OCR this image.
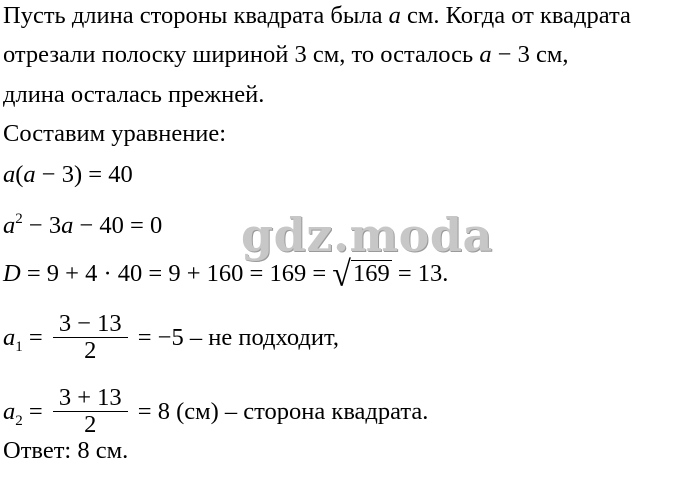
Пусть длина стороны квадрата была a см. Когда от квадрата
отрезали полоску шириной 3 см, то осталось a − 3 см,
длина осталась прежней.
Составим уравнение:
a(a − 3) = 40
$a^2 - 3a - 40 = 0$
D = 9 + 4 · 40 = 9 + 160 = 169 = √169 = 13.
$a_1 = \frac{3 - 13}{2} = -5$ – не подходит,
$a_2 = \frac{3 + 13}{2} = 8$ (см) – сторона квадрата.
Ответ: 8 см.
gdz.moda
